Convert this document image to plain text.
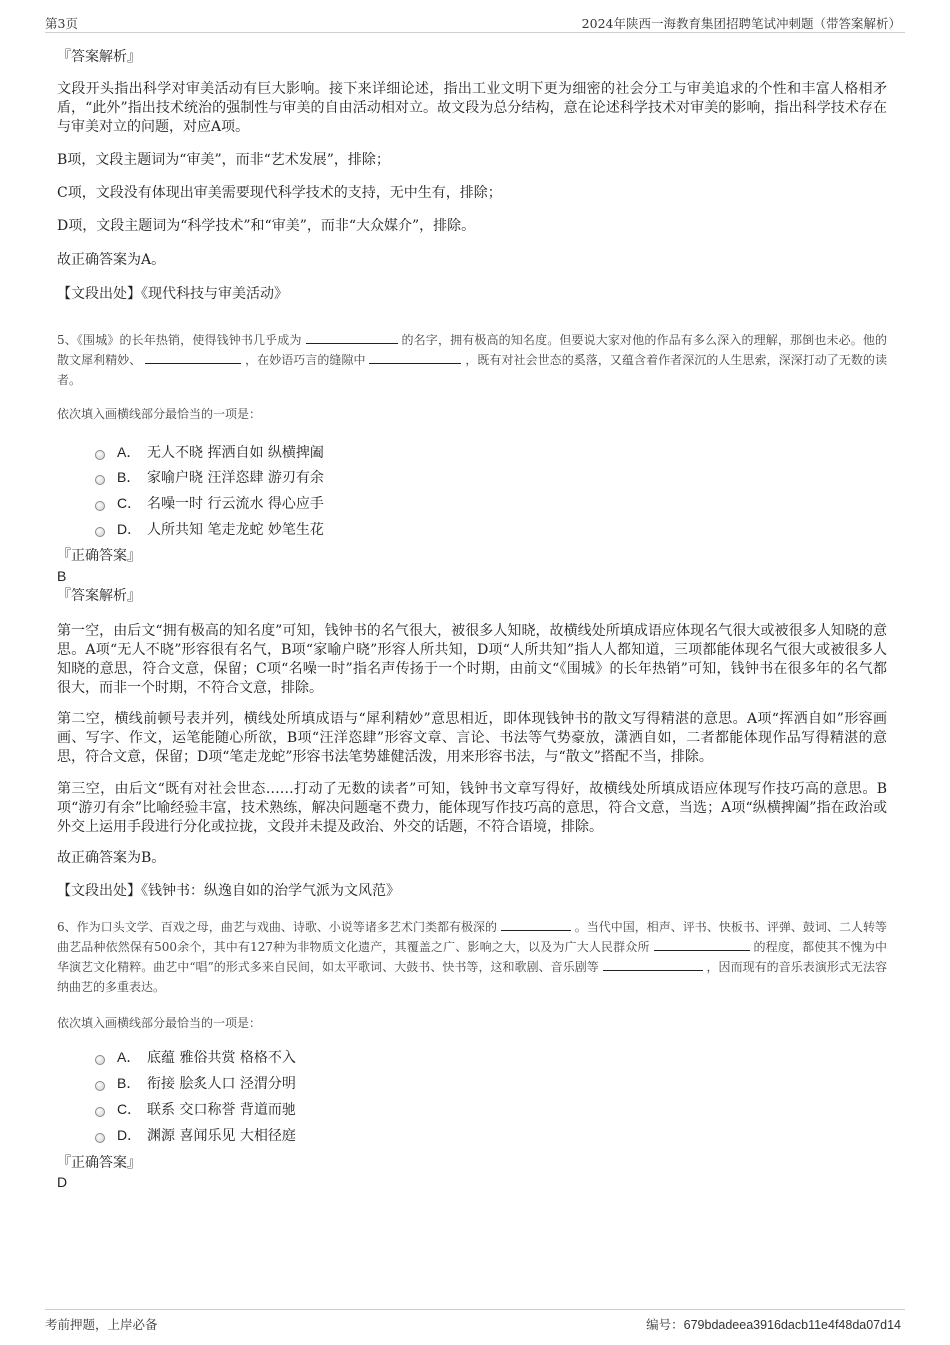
第3页	2024年陕西一海教育集团招聘笔试冲刺题（带答案解析）
『答案解析』
文段开头指出科学对审美活动有巨大影响。接下来详细论述，指出工业文明下更为细密的社会分工与审美追求的个性和丰富人格相矛盾，“此外”指出技术统治的强制性与审美的自由活动相对立。故文段为总分结构，意在论述科学技术对审美的影响，指出科学技术存在与审美对立的问题，对应A项。
B项，文段主题词为“审美”，而非“艺术发展”，排除；
C项，文段没有体现出审美需要现代科学技术的支持，无中生有，排除；
D项，文段主题词为“科学技术”和“审美”，而非“大众媒介”，排除。
故正确答案为A。
【文段出处】《现代科技与审美活动》
5、《围城》的长年热销，使得钱钟书几乎成为	的名字，拥有极高的知名度。但要说大家对他的作品有多么深入的理解，那倒也未必。他的散文犀利精妙、	，在妙语巧言的缝隙中	，既有对社会世态的奚落，又蕴含着作者深沉的人生思索，深深打动了无数的读者。
依次填入画横线部分最恰当的一项是：
A． 无人不晓 挥洒自如 纵横捭阖
B． 家喻户晓 汪洋恣肆 游刃有余
C． 名噪一时 行云流水 得心应手
D． 人所共知 笔走龙蛇 妙笔生花
『正确答案』
B
『答案解析』
第一空，由后文“拥有极高的知名度”可知，钱钟书的名气很大，被很多人知晓，故横线处所填成语应体现名气很大或被很多人知晓的意思。A项“无人不晓”形容很有名气，B项“家喻户晓”形容人所共知，D项“人所共知”指人人都知道，三项都能体现名气很大或被很多人知晓的意思，符合文意，保留；C项“名噪一时”指名声传扬于一个时期，由前文“《围城》的长年热销”可知，钱钟书在很多年的名气都很大，而非一个时期，不符合文意，排除。
第二空，横线前顿号表并列，横线处所填成语与“犀利精妙”意思相近，即体现钱钟书的散文写得精湛的意思。A项“挥洒自如”形容画画、写字、作文，运笔能随心所欲，B项“汪洋恣肆”形容文章、言论、书法等气势豪放，潇洒自如，二者都能体现作品写得精湛的意思，符合文意，保留；D项“笔走龙蛇”形容书法笔势雄健活泼，用来形容书法，与“散文”搭配不当，排除。
第三空，由后文“既有对社会世态……打动了无数的读者”可知，钱钟书文章写得好，故横线处所填成语应体现写作技巧高的意思。B项“游刃有余”比喻经验丰富，技术熟练，解决问题毫不费力，能体现写作技巧高的意思，符合文意，当选；A项“纵横捭阖”指在政治或外交上运用手段进行分化或拉拢，文段并未提及政治、外交的话题，不符合语境，排除。
故正确答案为B。
【文段出处】《钱钟书：纵逸自如的治学气派为文风范》
6、作为口头文学、百戏之母，曲艺与戏曲、诗歌、小说等诸多艺术门类都有极深的	。当代中国，相声、评书、快板书、评弹、鼓词、二人转等曲艺品种依然保有500余个，其中有127种为非物质文化遗产，其覆盖之广、影响之大，以及为广大人民群众所	的程度，都使其不愧为中华演艺文化精粹。曲艺中“唱”的形式多来自民间，如太平歌词、大鼓书、快书等，这和歌剧、音乐剧等	，因而现有的音乐表演形式无法容纳曲艺的多重表达。
依次填入画横线部分最恰当的一项是：
A． 底蕴 雅俗共赏 格格不入
B． 衔接 脍炙人口 泾渭分明
C． 联系 交口称誉 背道而驰
D． 渊源 喜闻乐见 大相径庭
『正确答案』
D
考前押题，上岸必备	编号：679bdadeea3916dacb11e4f48da07d14
